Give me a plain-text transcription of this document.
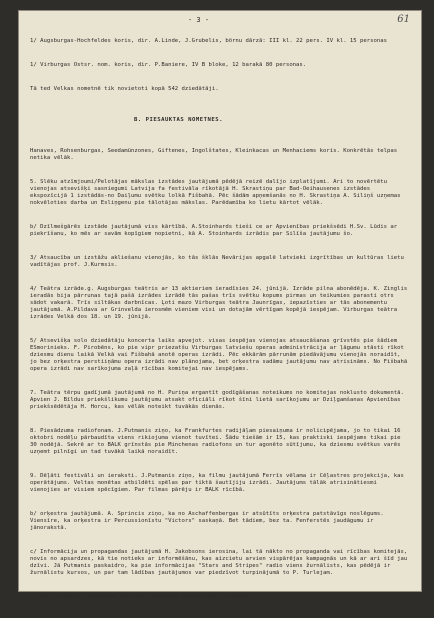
- 3 -	61

1/ Augsburgas-Hochfeldes koris, dir. A.Linde, J.Grubelis, börnu dārzā: III kl. 22 pers. IV kl. 15 personas

1/ Virburgas Ostsr. nom. koris, dir. P.Baniere, IV B bloke, 12 barakā 80 personas.

Tā ted Velkas nometnē tik novietoti kopā 542 dziedātāji.

B. PIESAUKTAS NOMETNES.

Hanaves, Rohsenburgas, Seedamünzones, Giftenes, Ingolštates, Kleinkacas un Menhaciems koris. Konkrētās telpas netika vēlāk.

5. Slēku atzīmjoumi/Pelotājas mākslas izstādes jautājumā pēdējā reizē dalījo izplatījumi. Ari to novērtētu vienojas atsevišķi sasniegumi Latvija fa festivāla rīkotājā H. Skrastiņu par Bad-Oeihausenes izstādes ekspozīcijā 1 izstādās-no Daiļumu svētku lolkā Fišbahā. Pēc šādām apņemšanās no H. Skrastiņa A. Siliņš uzņemas nokvēloties darba un Esliņgenu pie tālotājas mākslas. Parēdamība ko lietu kārtot vēlāk.

b/ Dzīlmešgārēs izstāde jautājumā viss kārtībā. A.Stoinhards tieši ce ar Apvienības priekšsēdi H.Sv. Lūdis ar piekrīšanu, ko mēs ar savām kopīgiem nopietni, kā A. Stoinhards izrādis par Silīša jautājumu šo.

3/ Atsaucība un izstāžu akliešanu vienojās, ko tās šklās Nevārijas apgalē latvieki izgrītības un kultūras lietu vadītājas prof. J.Kurmsis.

4/ Teātra izrāde.g. Augsburgas teātris ar 13 aktieriem ieradīsies 24. jūnijā. Izrāde pilna abonēdēja. K. Zinglis ieradās bija pārrunas tajā pašā izrādes izrādē tās pašas trīs svētku kopums pirmas un teikumies parasti otrs sādot vakarā. Trīs siltākas darbnīcas. Ļoti mazo Virburgas teātra Jaunrīgas, iepazīsties ar tās abonementu jautājumā. A.Pildava ar Grinvelda ierosmēm vieniem visi un dotajām vērtīgam kopējā iespējam. Virburgas teātra izrādes Velkā dos 18. un 19. jūnijā.

5/ Atsevišķa solo dziedātāju koncerta laiks apvejot. visas iespējas vienojas atsaucāšanas grīvstēs pie šādiem ESmorinieks. F. Pirobēns, ko pie vipr priezatšu Virburgas latviešu operas administrācija ar ļāgumu stāsti rīkot dziesmu dienu laikā Velkā vai Fišbahā anotē operas izrādi. Pēc ekkārām pārrunām piedāvājumu vienojās noraidīt, jo bez orķestra perstiiņāmu opera izrādi nav plānojama, bet orķestra sadāmu jautājumu nav atrisināms. No Fišbahā opera izrādi nav sarīkojuma zaļā rīcības komitejai nav iespējams.

7. Teātra tērpu gadījumā jautājumā no H. Puriņa ergantīt godīgāšanas noteikums no komitejas noklusto dokumentā. Apvien J. Bīldus priekšlikumu jautājumu atsakt oficiāli rīkot šīni lietā sarīkojumu ar Dziļgamšanas Apvienības priekšsēdētāja H. Horcu, kas vēlāk noteikt tuvākās dienās.

8. Piesādzuma radiofonam. J.Putmanis ziņo, ka Frankfurtes radijāļam piesaiņuma ir nolicipējama, jo to tikai 16 oktobri nodēļu pārbaudīta viens rikiojuma vienot tuvītei. Šādu tiešām ir 15, kas praktiski iespējams tikai pie 30 nodējā. Sekrē ar to BALK grīnstās pie Minchenas radiofons un tur agonēto sūtījumu, ka dziesmu svētkus varēs uzņemt pilnīgi un tad tuvākā laikā noraidīt.

9. Dēļāti festivāli un ieraksti. J.Putmanis ziņo, ka filmu jautājumā Ferrīs vēlama ir Cēļastres projekcija, kas operātājums. Veltas monētas atbildēti spēlas par tiktā šautījiju izrādi. Jautājums tālāk atrisinātiesmi vienojies ar visiem spēcīgiem. Par filmas pārēju ir BALK rīcībā.

b/ orķestra jautājumā. A. Sprincis ziņo, ka no Aschaffenbergas ir atsūtīts orķestra patstāvīgs noslēgums. Viensīre, ka orķestra ir Percussionīstu "Victors" saskaņā. Bet tādiem, bez ta. Fenferstēs jaudāgumu ir jānorakstā.

c/ Informācija un propagandas jautājumā H. Jakobsons ierosina, lai tā nākto no propaganda vai rīcības komitejās, novis no apsardzes, kā tie notieks ar informēšānu, kas aizcietu arvien vispārējas kampagnās un kā ar ari šīd jau dzīvi. Jā Putmanis paskaidro, ka pie informācijas "Stars and Stripes" radio viens žurnālists, kas pēdējā ir žurnālistu kursos, un par tam lādības jautājumos var piedzīvot turpinājumā to P. Turlejam.

e/ Dēļu orķestra jautājums kārtosam pagaidām uzņemas Ed. Grinvelds.
